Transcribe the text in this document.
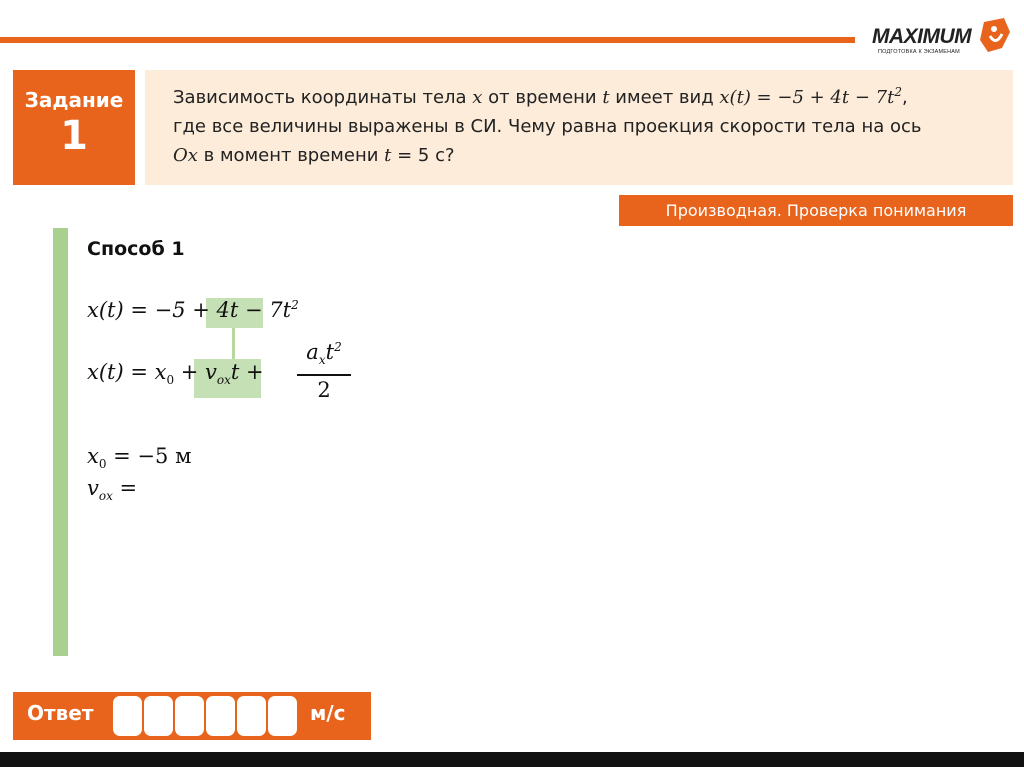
MAXIMUM
ПОДГОТОВКА К ЭКЗАМЕНАМ
Задание
1
Зависимость координаты тела x от времени t имеет вид $x(t) = -5 + 4t - 7t^2$,
где все величины выражены в СИ. Чему равна проекция скорости тела на ось
Ox в момент времени t = 5 с?
Производная. Проверка понимания
Способ 1
$x(t) = -5 + 4t - 7t^2$
$x(t) = x_0 + v_{ox}t$ +
$a_xt^2$
2
$x_0 = -5$ м
$v_{ox}$ =
Ответ	м/с
